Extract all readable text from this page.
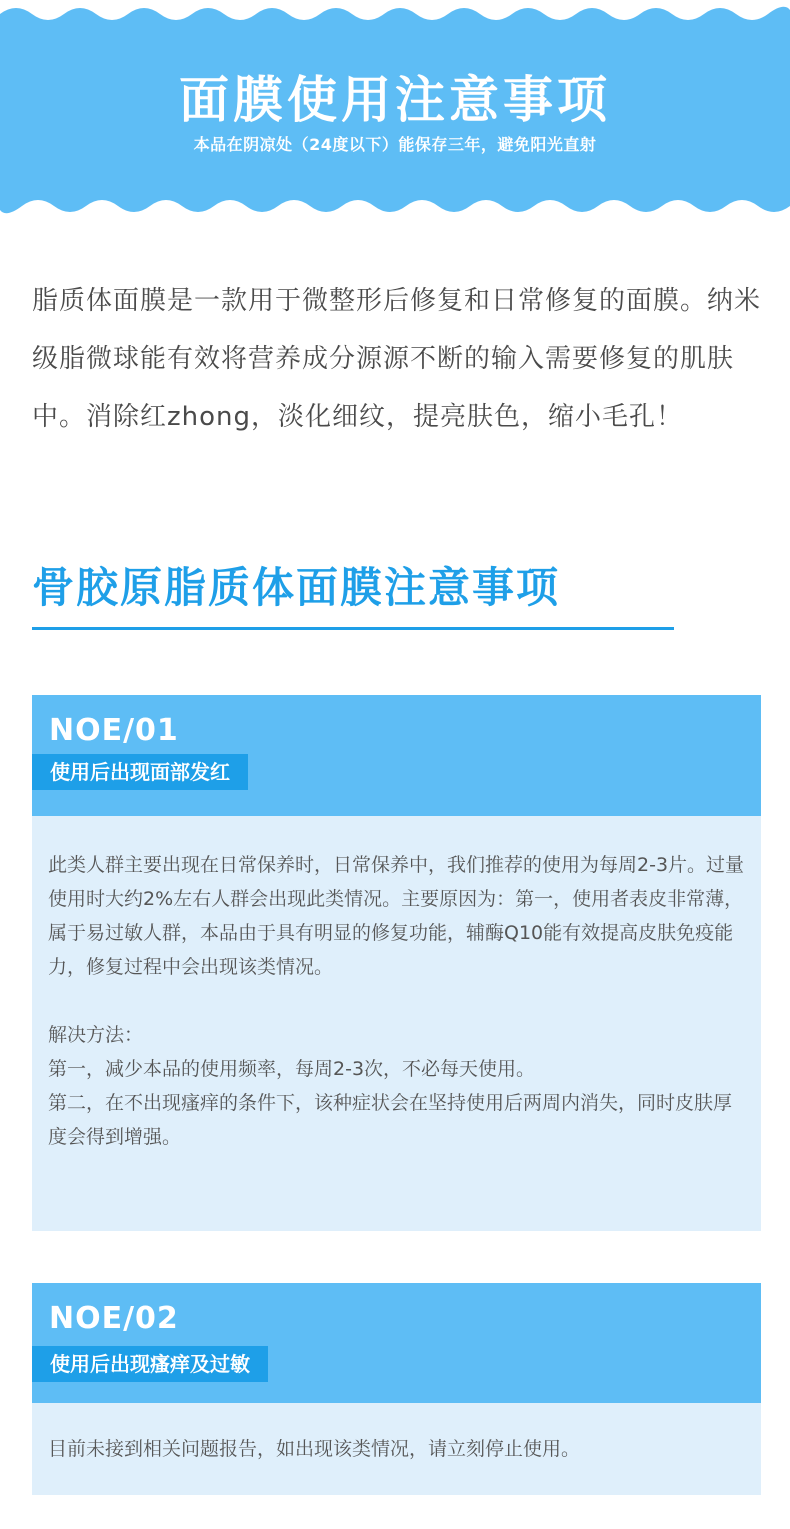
面膜使用注意事项
本品在阴凉处（24度以下）能保存三年，避免阳光直射
脂质体面膜是一款用于微整形后修复和日常修复的面膜。纳米级脂微球能有效将营养成分源源不断的输入需要修复的肌肤中。消除红zhong，淡化细纹，提亮肤色，缩小毛孔！
骨胶原脂质体面膜注意事项
NOE/01
使用后出现面部发红

此类人群主要出现在日常保养时，日常保养中，我们推荐的使用为每周2-3片。过量使用时大约2%左右人群会出现此类情况。主要原因为：第一，使用者表皮非常薄，属于易过敏人群，本品由于具有明显的修复功能，辅酶Q10能有效提高皮肤免疫能力，修复过程中会出现该类情况。

解决方法：

第一，减少本品的使用频率，每周2-3次，不必每天使用。

第二，在不出现瘙痒的条件下，该种症状会在坚持使用后两周内消失，同时皮肤厚度会得到增强。

NOE/02
使用后出现瘙痒及过敏

目前未接到相关问题报告，如出现该类情况，请立刻停止使用。
